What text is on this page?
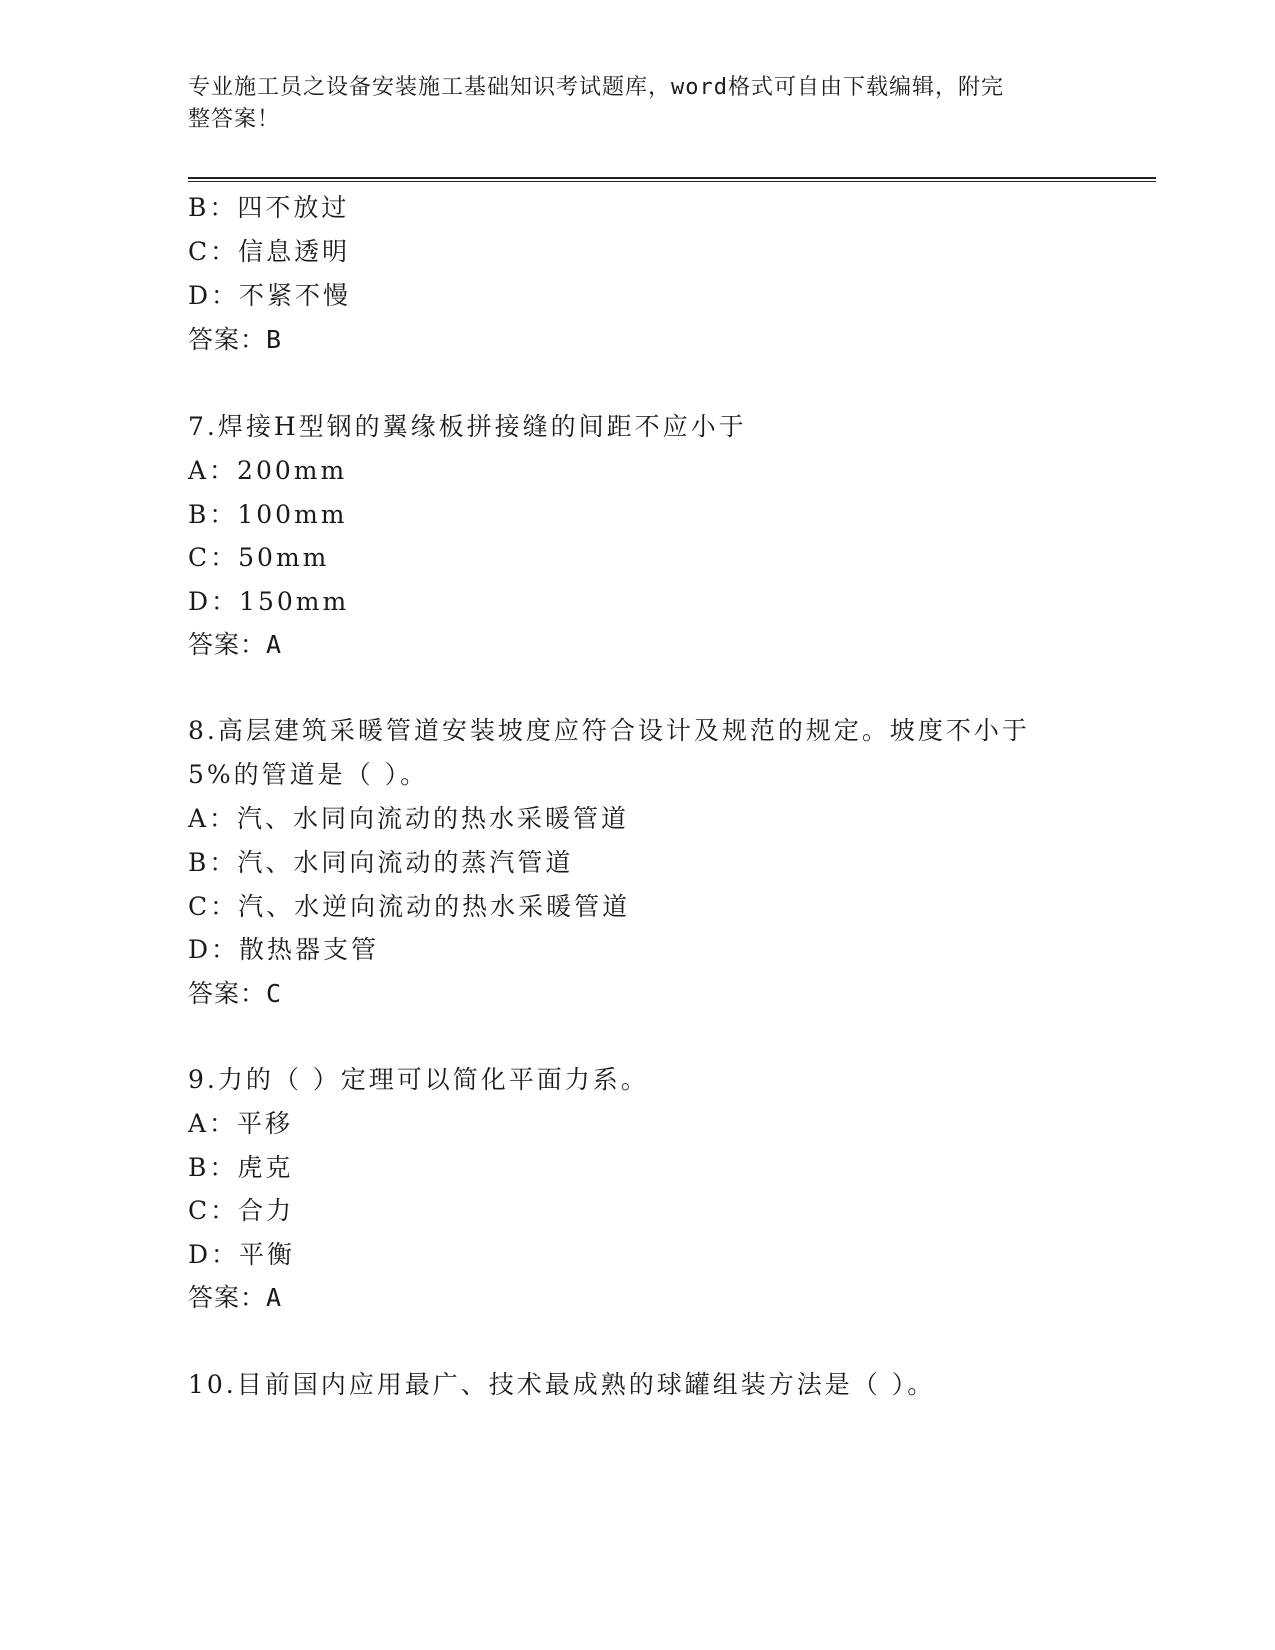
专业施工员之设备安装施工基础知识考试题库，word格式可自由下载编辑，附完
整答案！
B：四不放过
C：信息透明
D：不紧不慢
答案：B
7.焊接H型钢的翼缘板拼接缝的间距不应小于
A：200mm
B：100mm
C：50mm
D：150mm
答案：A
8.高层建筑采暖管道安装坡度应符合设计及规范的规定。坡度不小于
5%的管道是（ ）。
A：汽、水同向流动的热水采暖管道
B：汽、水同向流动的蒸汽管道
C：汽、水逆向流动的热水采暖管道
D：散热器支管
答案：C
9.力的（ ）定理可以简化平面力系。
A：平移
B：虎克
C：合力
D：平衡
答案：A
10.目前国内应用最广、技术最成熟的球罐组装方法是（ ）。
